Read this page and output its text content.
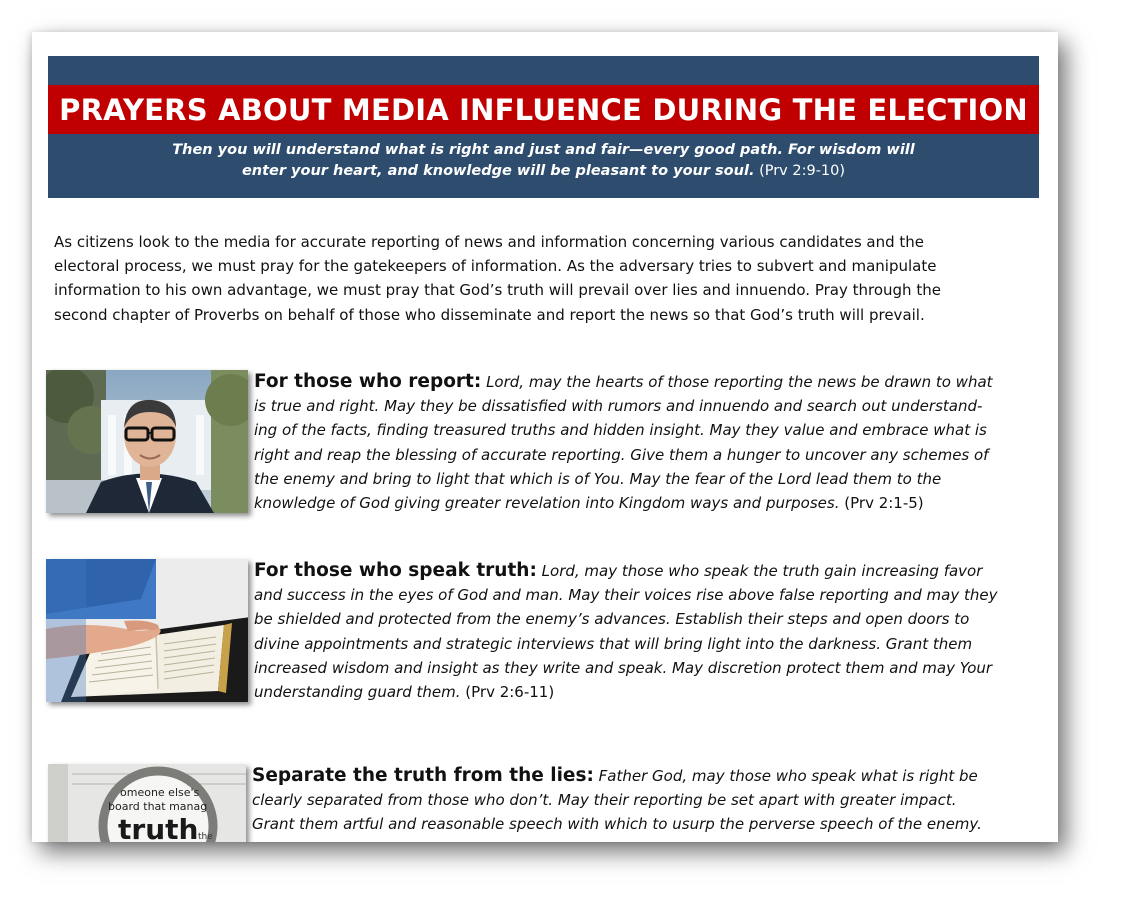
PRAYERS ABOUT MEDIA INFLUENCE DURING THE ELECTION
Then you will understand what is right and just and fair—every good path. For wisdom will
enter your heart, and knowledge will be pleasant to your soul. (Prv 2:9-10)
As citizens look to the media for accurate reporting of news and information concerning various candidates and the
electoral process, we must pray for the gatekeepers of information. As the adversary tries to subvert and manipulate
information to his own advantage, we must pray that God’s truth will prevail over lies and innuendo. Pray through the
second chapter of Proverbs on behalf of those who disseminate and report the news so that God’s truth will prevail.
For those who report: Lord, may the hearts of those reporting the news be drawn to what
is true and right. May they be dissatisfied with rumors and innuendo and search out understand-
ing of the facts, finding treasured truths and hidden insight. May they value and embrace what is
right and reap the blessing of accurate reporting. Give them a hunger to uncover any schemes of
the enemy and bring to light that which is of You. May the fear of the Lord lead them to the
knowledge of God giving greater revelation into Kingdom ways and purposes. (Prv 2:1-5)
For those who speak truth: Lord, may those who speak the truth gain increasing favor
and success in the eyes of God and man. May their voices rise above false reporting and may they
be shielded and protected from the enemy’s advances. Establish their steps and open doors to
divine appointments and strategic interviews that will bring light into the darkness. Grant them
increased wisdom and insight as they write and speak. May discretion protect them and may Your
understanding guard them. (Prv 2:6-11)
omeone else's
board that manag
truth the
Separate the truth from the lies: Father God, may those who speak what is right be
clearly separated from those who don’t. May their reporting be set apart with greater impact.
Grant them artful and reasonable speech with which to usurp the perverse speech of the enemy.
